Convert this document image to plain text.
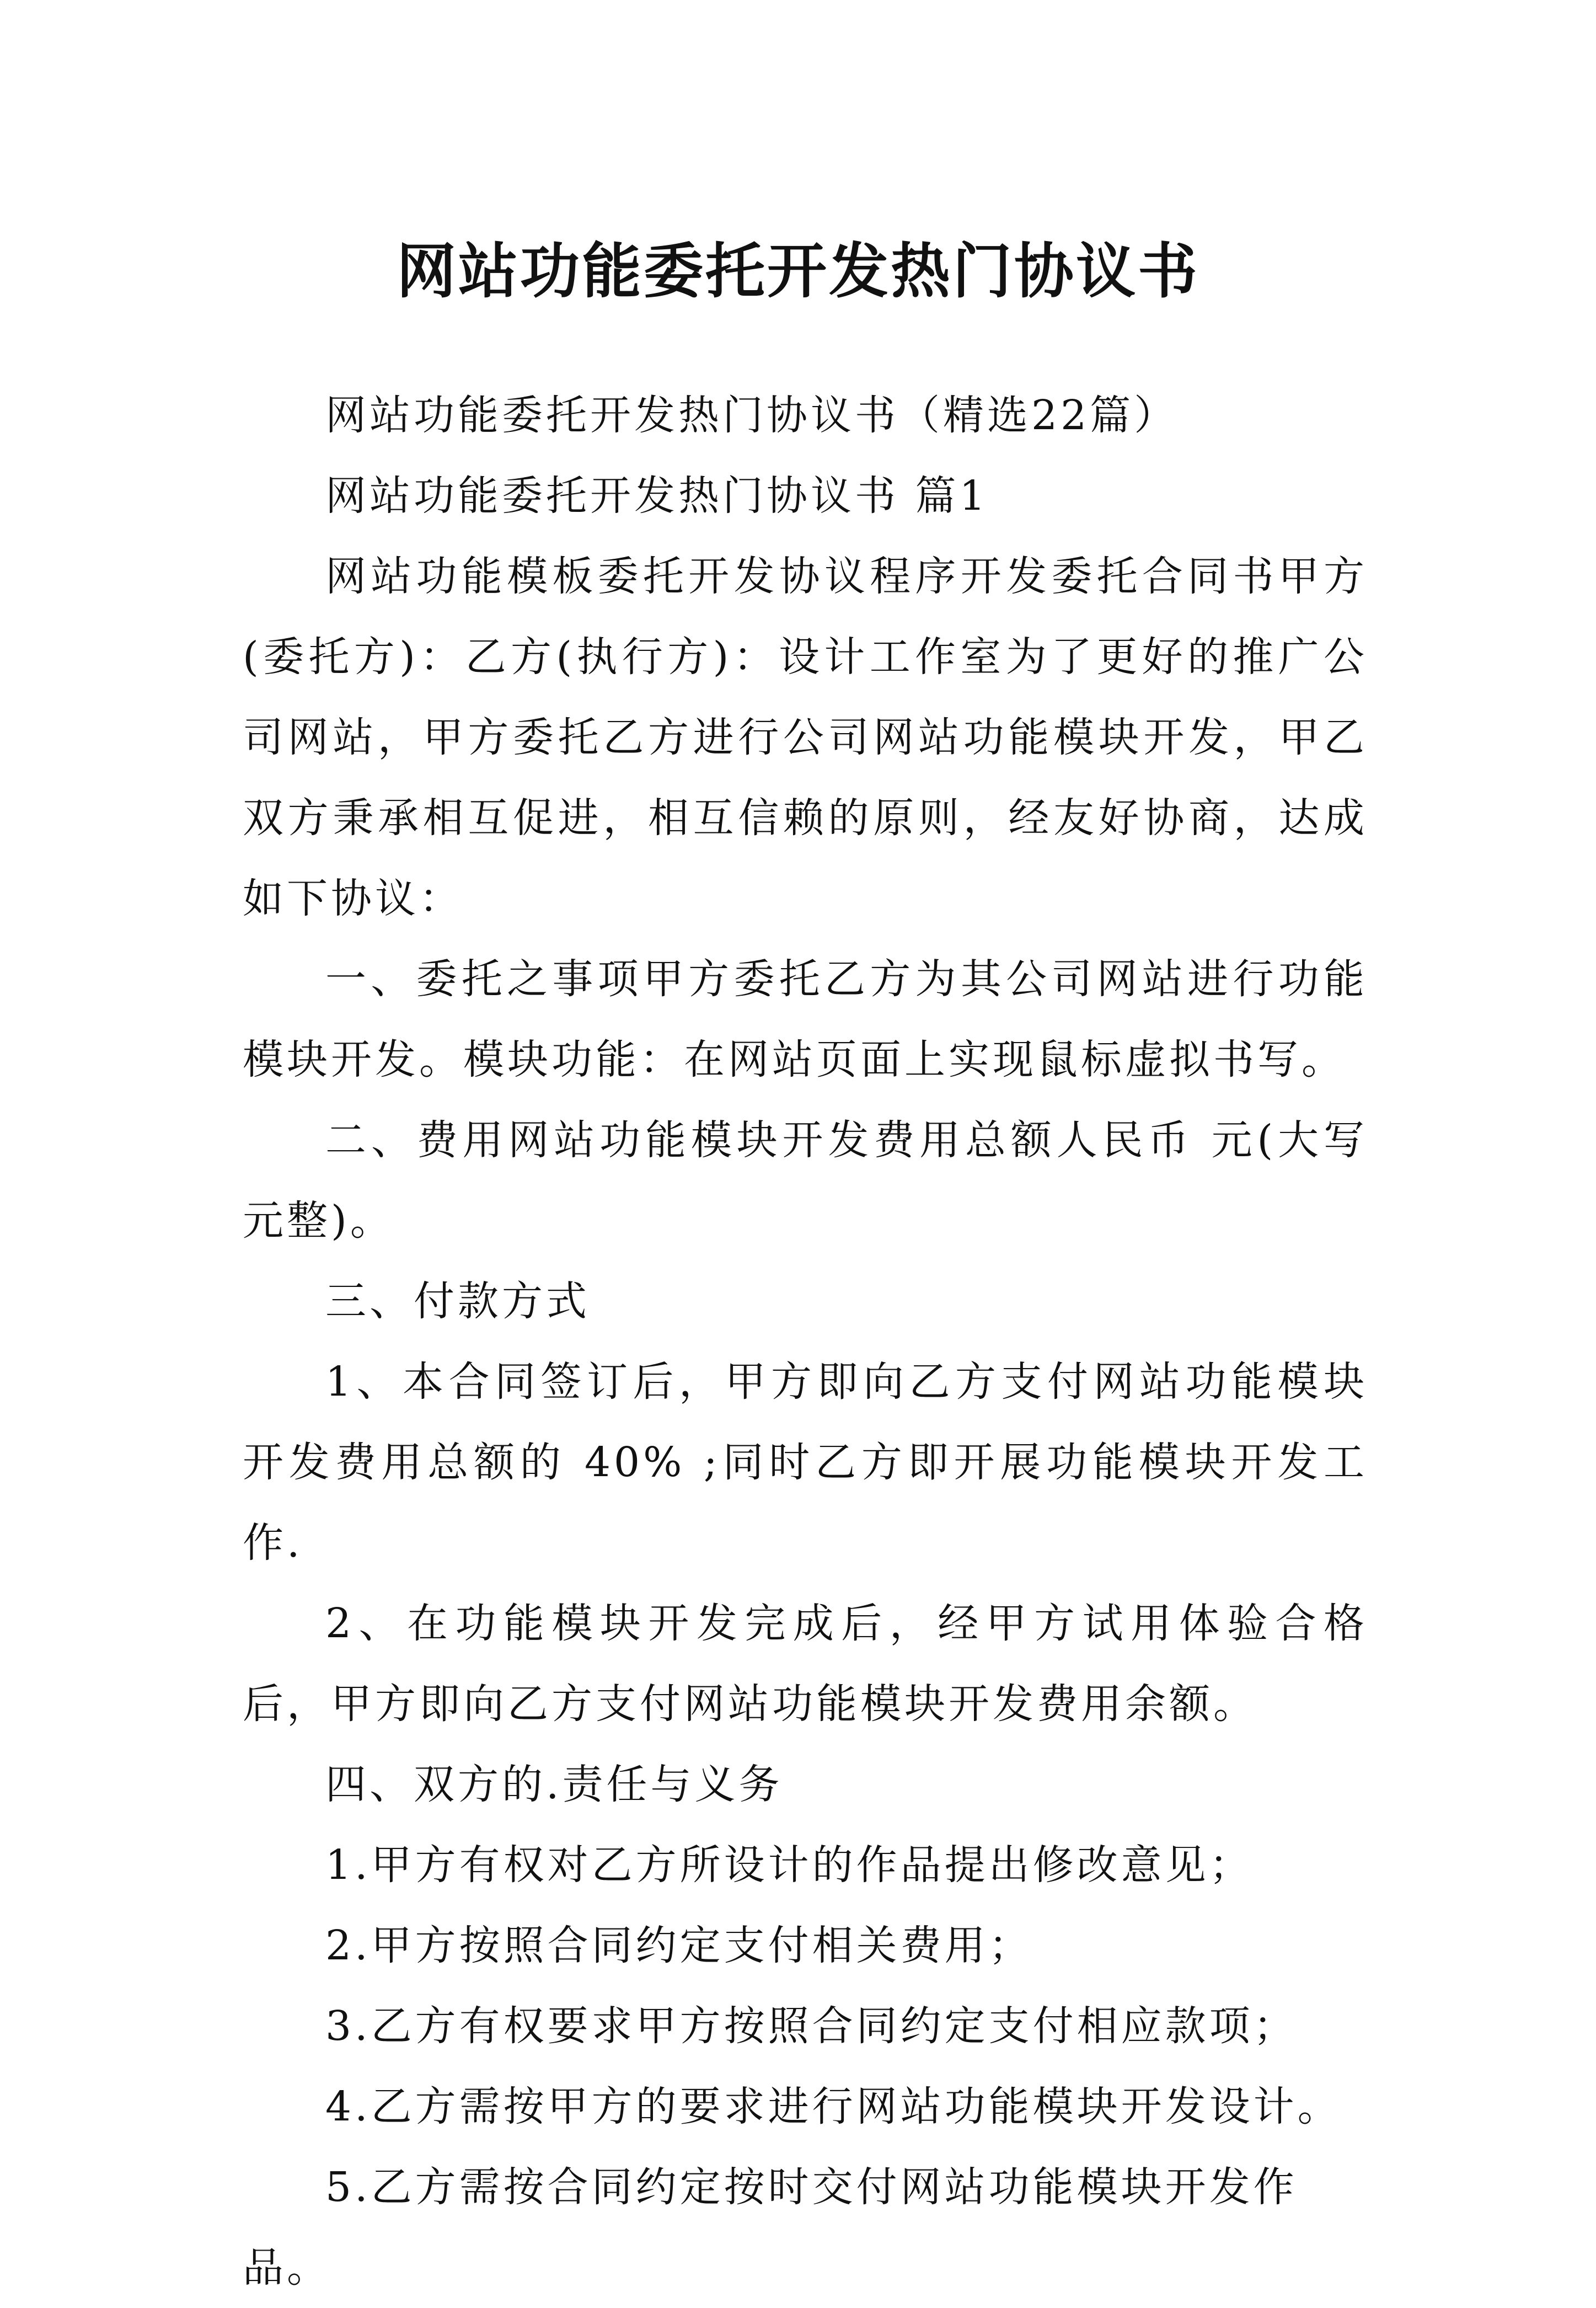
网站功能委托开发热门协议书

网站功能委托开发热门协议书（精选22篇）

网站功能委托开发热门协议书 篇1

网站功能模板委托开发协议程序开发委托合同书甲方(委托方)：乙方(执行方)：设计工作室为了更好的推广公司网站，甲方委托乙方进行公司网站功能模块开发，甲乙双方秉承相互促进，相互信赖的原则，经友好协商，达成如下协议：

一、委托之事项甲方委托乙方为其公司网站进行功能模块开发。模块功能：在网站页面上实现鼠标虚拟书写。

二、费用网站功能模块开发费用总额人民币 元(大写 元整)。

三、付款方式

1、本合同签订后，甲方即向乙方支付网站功能模块开发费用总额的 40% ;同时乙方即开展功能模块开发工作.

2、在功能模块开发完成后，经甲方试用体验合格后，甲方即向乙方支付网站功能模块开发费用余额。

四、双方的.责任与义务

1.甲方有权对乙方所设计的作品提出修改意见；

2.甲方按照合同约定支付相关费用；

3.乙方有权要求甲方按照合同约定支付相应款项；

4.乙方需按甲方的要求进行网站功能模块开发设计。

5.乙方需按合同约定按时交付网站功能模块开发作品。
